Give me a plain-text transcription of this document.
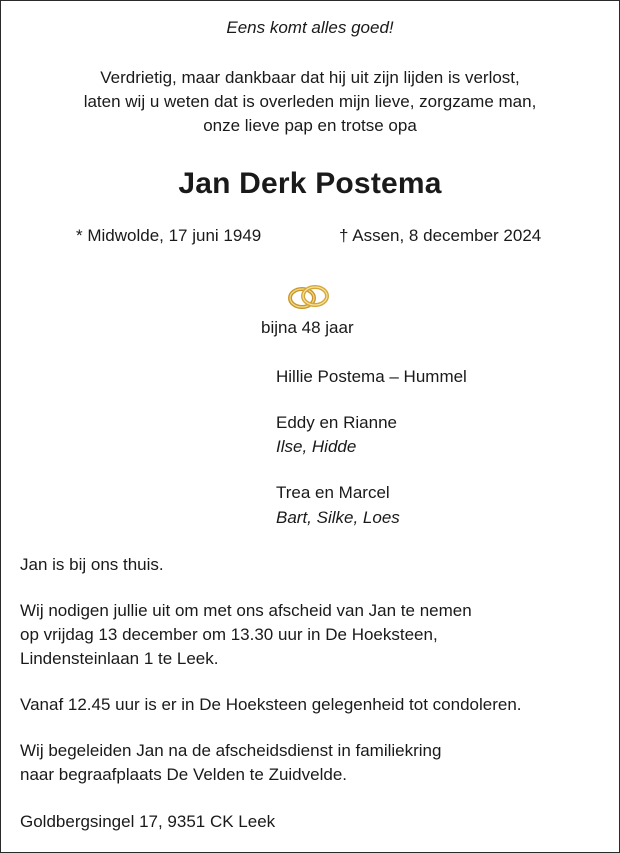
Eens komt alles goed!
Verdrietig, maar dankbaar dat hij uit zijn lijden is verlost,
laten wij u weten dat is overleden mijn lieve, zorgzame man,
onze lieve pap en trotse opa
Jan Derk Postema
* Midwolde, 17 juni 1949	† Assen, 8 december 2024
bijna 48 jaar
Hillie Postema – Hummel
Eddy en Rianne
Ilse, Hidde
Trea en Marcel
Bart, Silke, Loes
Jan is bij ons thuis.
Wij nodigen jullie uit om met ons afscheid van Jan te nemen
op vrijdag 13 december om 13.30 uur in De Hoeksteen,
Lindensteinlaan 1 te Leek.
Vanaf 12.45 uur is er in De Hoeksteen gelegenheid tot condoleren.
Wij begeleiden Jan na de afscheidsdienst in familiekring
naar begraafplaats De Velden te Zuidvelde.
Goldbergsingel 17, 9351 CK Leek
